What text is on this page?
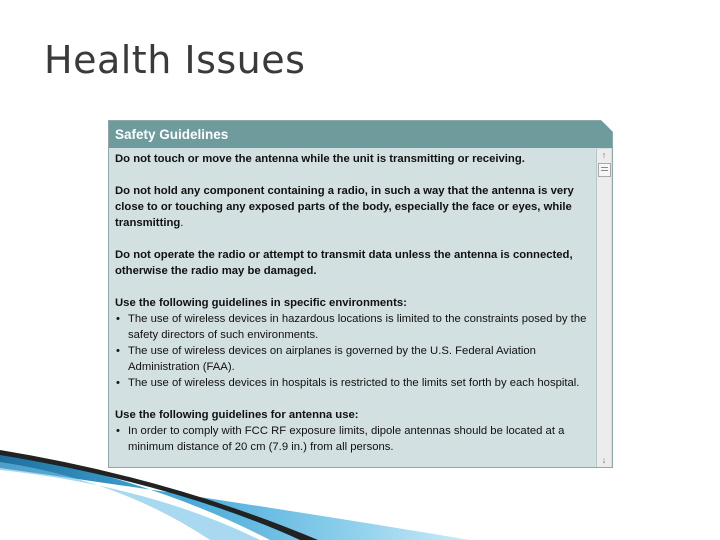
Health Issues
Safety Guidelines

Do not touch or move the antenna while the unit is transmitting or receiving.

Do not hold any component containing a radio, in such a way that the antenna is very close to or touching any exposed parts of the body, especially the face or eyes, while transmitting.

Do not operate the radio or attempt to transmit data unless the antenna is connected, otherwise the radio may be damaged.

Use the following guidelines in specific environments:
• The use of wireless devices in hazardous locations is limited to the constraints posed by the safety directors of such environments.
• The use of wireless devices on airplanes is governed by the U.S. Federal Aviation Administration (FAA).
• The use of wireless devices in hospitals is restricted to the limits set forth by each hospital.
Use the following guidelines for antenna use:
• In order to comply with FCC RF exposure limits, dipole antennas should be located at a minimum distance of 20 cm (7.9 in.) from all persons.
↑
↓
